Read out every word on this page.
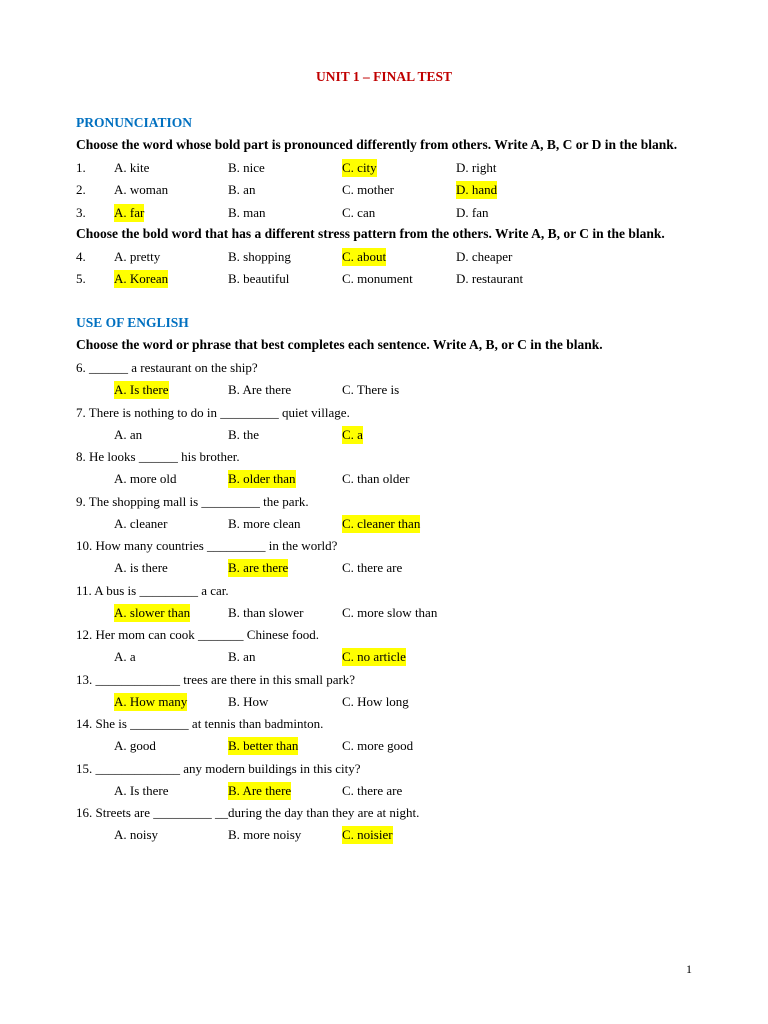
UNIT 1 – FINAL TEST
PRONUNCIATION
Choose the word whose bold part is pronounced differently from others. Write A, B, C or D in the blank.
1. A. kite	B. nice	C. city	D. right
2. A. woman	B. an	C. mother	D. hand
3. A. far	B. man	C. can	D. fan
Choose the bold word that has a different stress pattern from the others. Write A, B, or C in the blank.
4. A. pretty	B. shopping	C. about	D. cheaper
5. A. Korean	B. beautiful	C. monument	D. restaurant
USE OF ENGLISH
Choose the word or phrase that best completes each sentence. Write A, B, or C in the blank.
6. ______ a restaurant on the ship?
A. Is there	B. Are there	C. There is
7. There is nothing to do in _________ quiet village.
A. an	B. the	C. a
8. He looks ______ his brother.
A. more old	B. older than	C. than older
9. The shopping mall is _________ the park.
A. cleaner	B. more clean	C. cleaner than
10. How many countries _________ in the world?
A. is there	B. are there	C. there are
11. A bus is _________ a car.
A. slower than	B. than slower	C. more slow than
12. Her mom can cook _______ Chinese food.
A. a	B. an	C. no article
13. _____________ trees are there in this small park?
A. How many	B. How	C. How long
14. She is _________ at tennis than badminton.
A. good	B. better than	C. more good
15. _____________ any modern buildings in this city?
A. Is there	B. Are there	C. there are
16. Streets are _________ __during the day than they are at night.
A. noisy	B. more noisy	C. noisier
1
